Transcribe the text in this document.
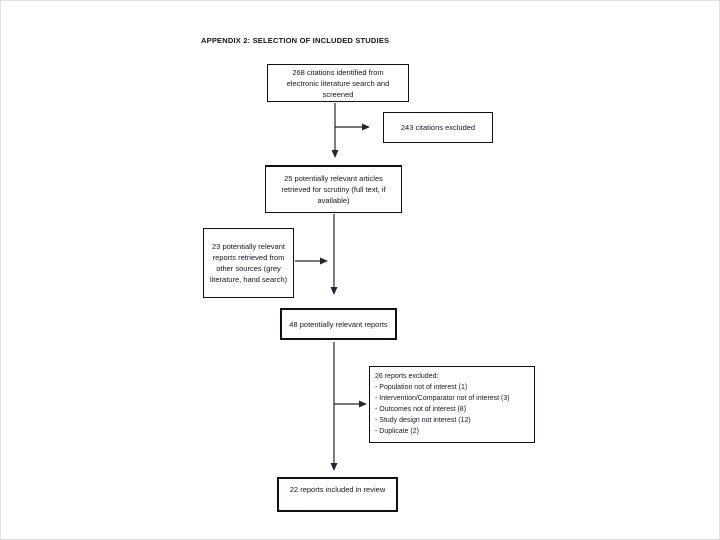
APPENDIX 2: SELECTION OF INCLUDED STUDIES
268 citations identified from electronic literature search and screened
243 citations excluded
25 potentially relevant articles retrieved for scrutiny (full text, if available)
23 potentially relevant reports retrieved from other sources (grey literature, hand search)
48 potentially relevant reports
26 reports excluded:
- Population not of interest (1)
- Intervention/Comparator not of interest (3)
- Outcomes not of interest (8)
- Study design not interest (12)
- Duplicate (2)
22 reports included in review
